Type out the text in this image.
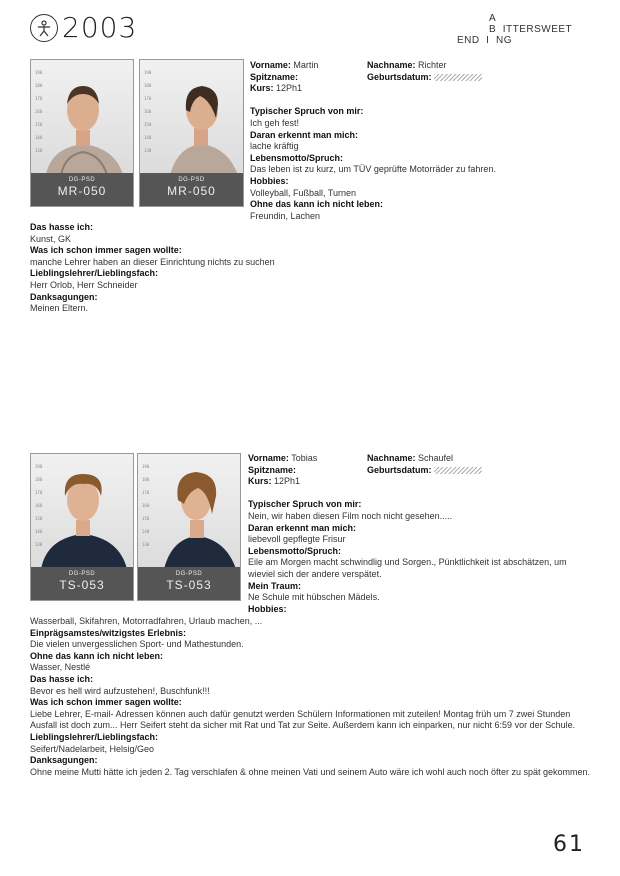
2003	A
B  ITTERSWEET
END  I  NG
190
180
170
160
150
140
130
DG-PSD
MR-050
190
180
170
160
150
140
130
DG-PSD
MR-050
Vorname: Martin	Nachname: Richter
Spitzname:	Geburtsdatum:
Kurs: 12Ph1
Typischer Spruch von mir:
Ich geh fest!
Daran erkennt man mich:
lache kräftig
Lebensmotto/Spruch:
Das leben ist zu kurz, um TÜV geprüfte Motorräder zu fahren.
Hobbies:
Volleyball, Fußball, Turnen
Ohne das kann ich nicht leben:
Freundin, Lachen
Das hasse ich:
Kunst, GK
Was ich schon immer sagen wollte:
manche Lehrer haben an dieser Einrichtung nichts zu suchen
Lieblingslehrer/Lieblingsfach:
Herr Orlob, Herr Schneider
Danksagungen:
Meinen Eltern.
190
180
170
160
150
140
130
DG-PSD
TS-053
190
180
170
160
150
140
130
DG-PSD
TS-053
Vorname: Tobias	Nachname: Schaufel
Spitzname:	Geburtsdatum:
Kurs: 12Ph1
Typischer Spruch von mir:
Nein, wir haben diesen Film noch nicht gesehen.....
Daran erkennt man mich:
liebevoll gepflegte Frisur
Lebensmotto/Spruch:
Eile am Morgen macht schwindlig und Sorgen., Pünktlichkeit ist abschätzen, um wieviel sich der andere verspätet.
Mein Traum:
Ne Schule mit hübschen Mädels.
Hobbies:
Wasserball, Skifahren, Motorradfahren, Urlaub machen, ...
Einprägsamstes/witzigstes Erlebnis:
Die vielen unvergesslichen Sport- und Mathestunden.
Ohne das kann ich nicht leben:
Wasser, Nestlé
Das hasse ich:
Bevor es hell wird aufzustehen!, Buschfunk!!!
Was ich schon immer sagen wollte:
Liebe Lehrer, E-mail- Adressen können auch dafür genutzt werden Schülern Informationen mit zuteilen! Montag früh um 7 zwei Stunden Ausfall ist doch zum... Herr Seifert steht da sicher mit Rat und Tat zur Seite. Außerdem kann ich einparken, nur nicht 6:59 vor der Schule.
Lieblingslehrer/Lieblingsfach:
Seifert/Nadelarbeit, Helsig/Geo
Danksagungen:
Ohne meine Mutti hätte ich jeden 2. Tag verschlafen & ohne meinen Vati und seinem Auto wäre ich wohl auch noch öfter zu spät gekommen.
61
